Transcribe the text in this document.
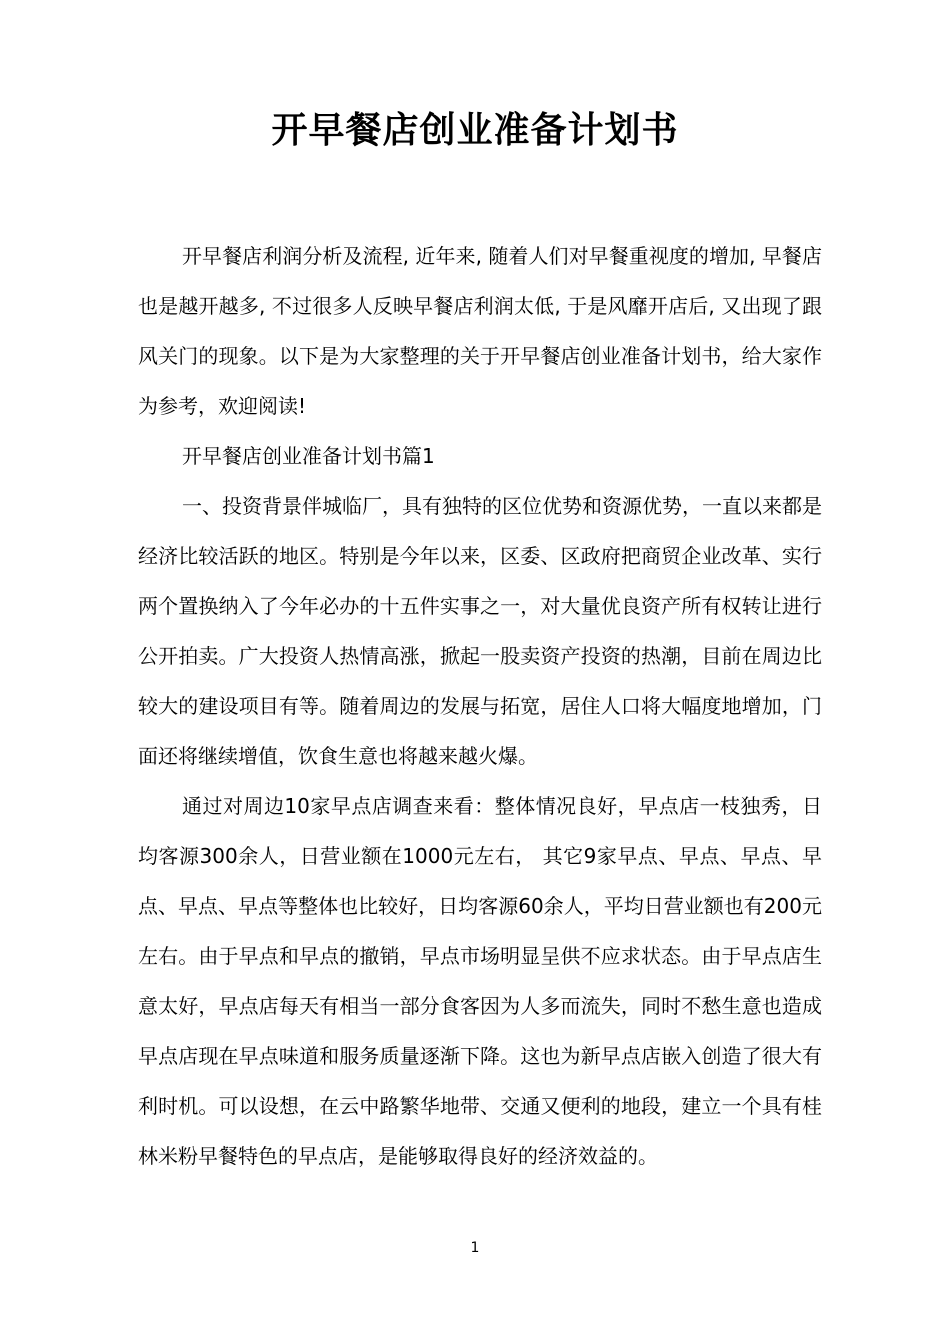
开早餐店创业准备计划书

开早餐店利润分析及流程, 近年来, 随着人们对早餐重视度的增加, 早餐店也是越开越多, 不过很多人反映早餐店利润太低, 于是风靡开店后, 又出现了跟风关门的现象。以下是为大家整理的关于开早餐店创业准备计划书，给大家作为参考，欢迎阅读!

开早餐店创业准备计划书篇1

一、投资背景伴城临厂，具有独特的区位优势和资源优势，一直以来都是经济比较活跃的地区。特别是今年以来，区委、区政府把商贸企业改革、实行两个置换纳入了今年必办的十五件实事之一，对大量优良资产所有权转让进行公开拍卖。广大投资人热情高涨，掀起一股卖资产投资的热潮，目前在周边比较大的建设项目有等。随着周边的发展与拓宽，居住人口将大幅度地增加，门面还将继续增值，饮食生意也将越来越火爆。

通过对周边10家早点店调查来看：整体情况良好，早点店一枝独秀，日均客源300余人，日营业额在1000元左右， 其它9家早点、早点、早点、早点、早点、早点等整体也比较好，日均客源60余人，平均日营业额也有200元左右。由于早点和早点的撤销，早点市场明显呈供不应求状态。由于早点店生意太好，早点店每天有相当一部分食客因为人多而流失，同时不愁生意也造成早点店现在早点味道和服务质量逐渐下降。这也为新早点店嵌入创造了很大有利时机。可以设想，在云中路繁华地带、交通又便利的地段，建立一个具有桂林米粉早餐特色的早点店，是能够取得良好的经济效益的。

1
